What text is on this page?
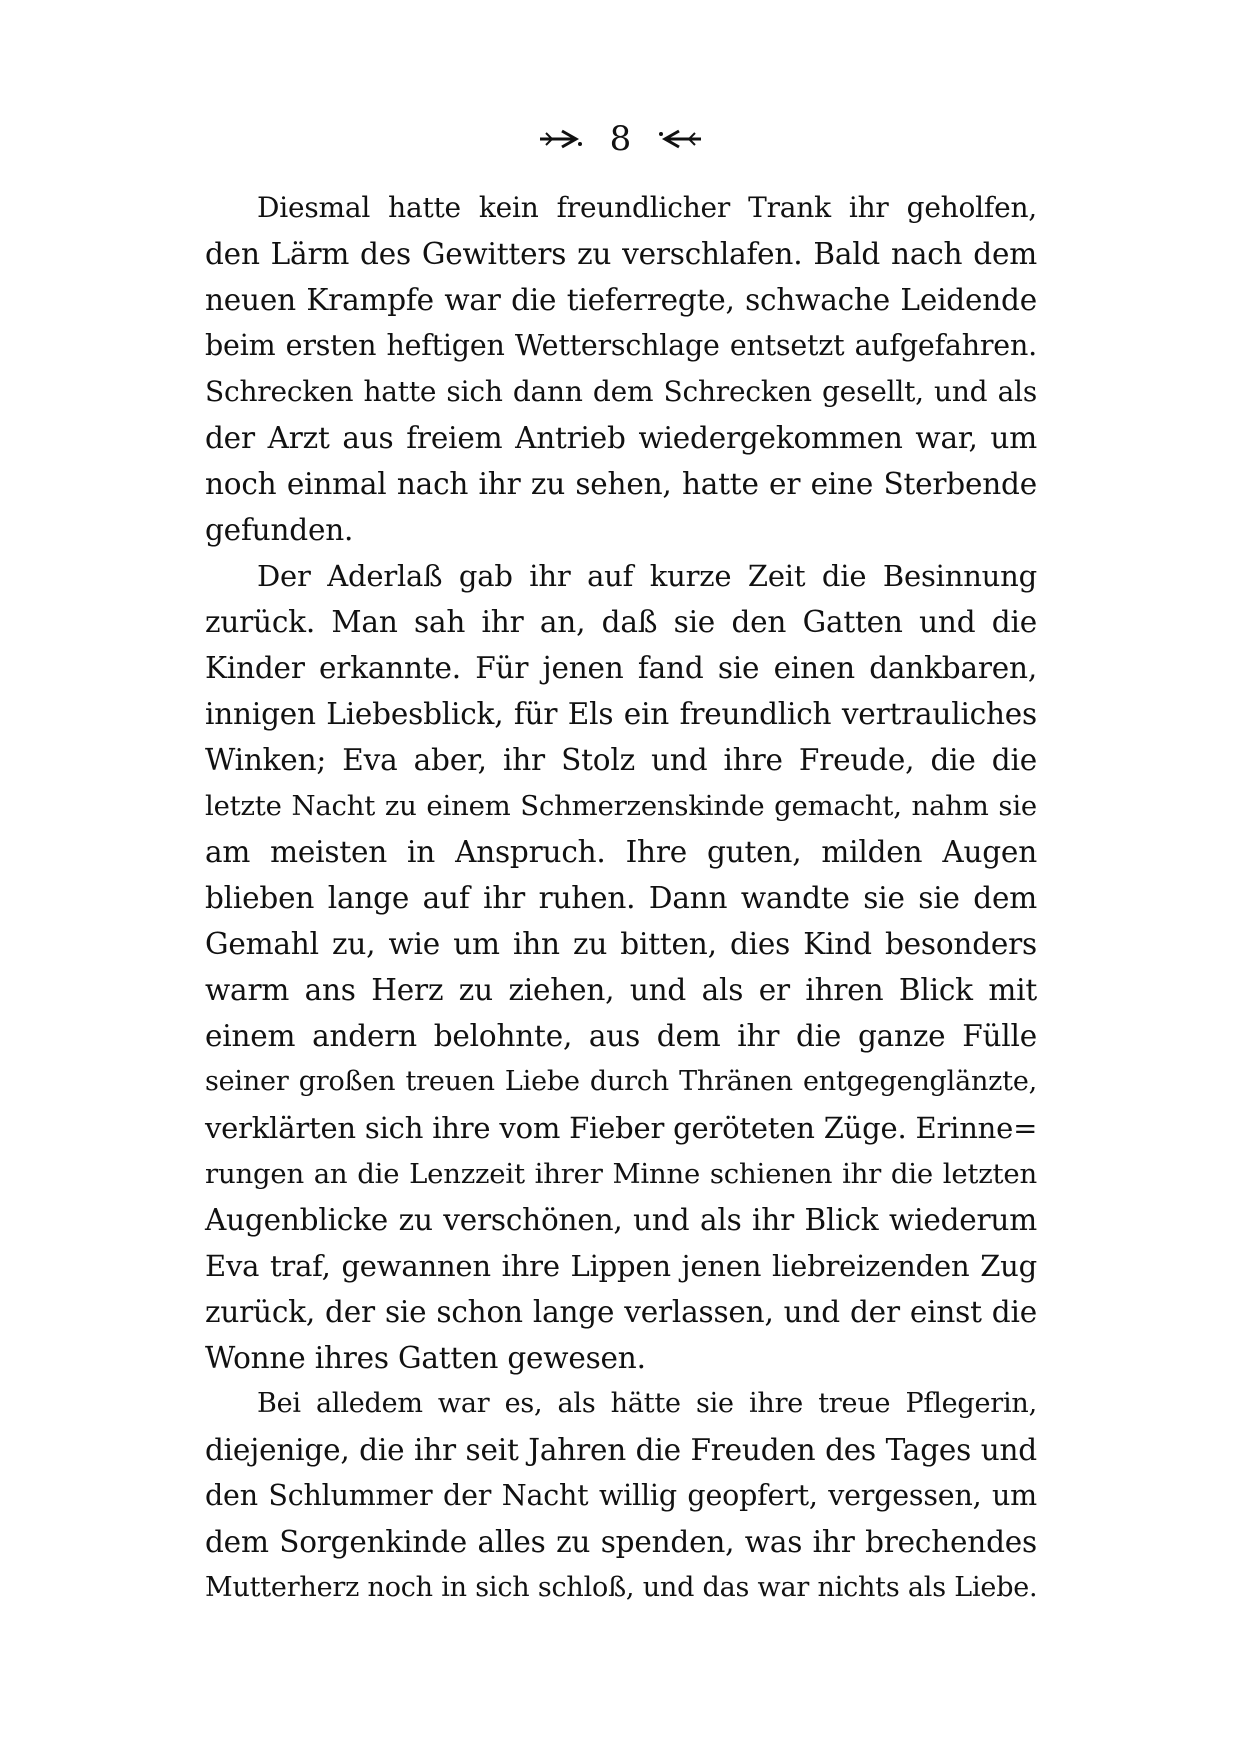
8
Diesmal hatte kein freundlicher Trank ihr geholfen,
den Lärm des Gewitters zu verschlafen. Bald nach dem
neuen Krampfe war die tieferregte, schwache Leidende
beim ersten heftigen Wetterschlage entsetzt aufgefahren.
Schrecken hatte sich dann dem Schrecken gesellt, und als
der Arzt aus freiem Antrieb wiedergekommen war, um
noch einmal nach ihr zu sehen, hatte er eine Sterbende
gefunden.
Der Aderlaß gab ihr auf kurze Zeit die Besinnung
zurück. Man sah ihr an, daß sie den Gatten und die
Kinder erkannte. Für jenen fand sie einen dankbaren,
innigen Liebesblick, für Els ein freundlich vertrauliches
Winken; Eva aber, ihr Stolz und ihre Freude, die die
letzte Nacht zu einem Schmerzenskinde gemacht, nahm sie
am meisten in Anspruch. Ihre guten, milden Augen
blieben lange auf ihr ruhen. Dann wandte sie sie dem
Gemahl zu, wie um ihn zu bitten, dies Kind besonders
warm ans Herz zu ziehen, und als er ihren Blick mit
einem andern belohnte, aus dem ihr die ganze Fülle
seiner großen treuen Liebe durch Thränen entgegenglänzte,
verklärten sich ihre vom Fieber geröteten Züge. Erinne=
rungen an die Lenzzeit ihrer Minne schienen ihr die letzten
Augenblicke zu verschönen, und als ihr Blick wiederum
Eva traf, gewannen ihre Lippen jenen liebreizenden Zug
zurück, der sie schon lange verlassen, und der einst die
Wonne ihres Gatten gewesen.
Bei alledem war es, als hätte sie ihre treue Pflegerin,
diejenige, die ihr seit Jahren die Freuden des Tages und
den Schlummer der Nacht willig geopfert, vergessen, um
dem Sorgenkinde alles zu spenden, was ihr brechendes
Mutterherz noch in sich schloß, und das war nichts als Liebe.
